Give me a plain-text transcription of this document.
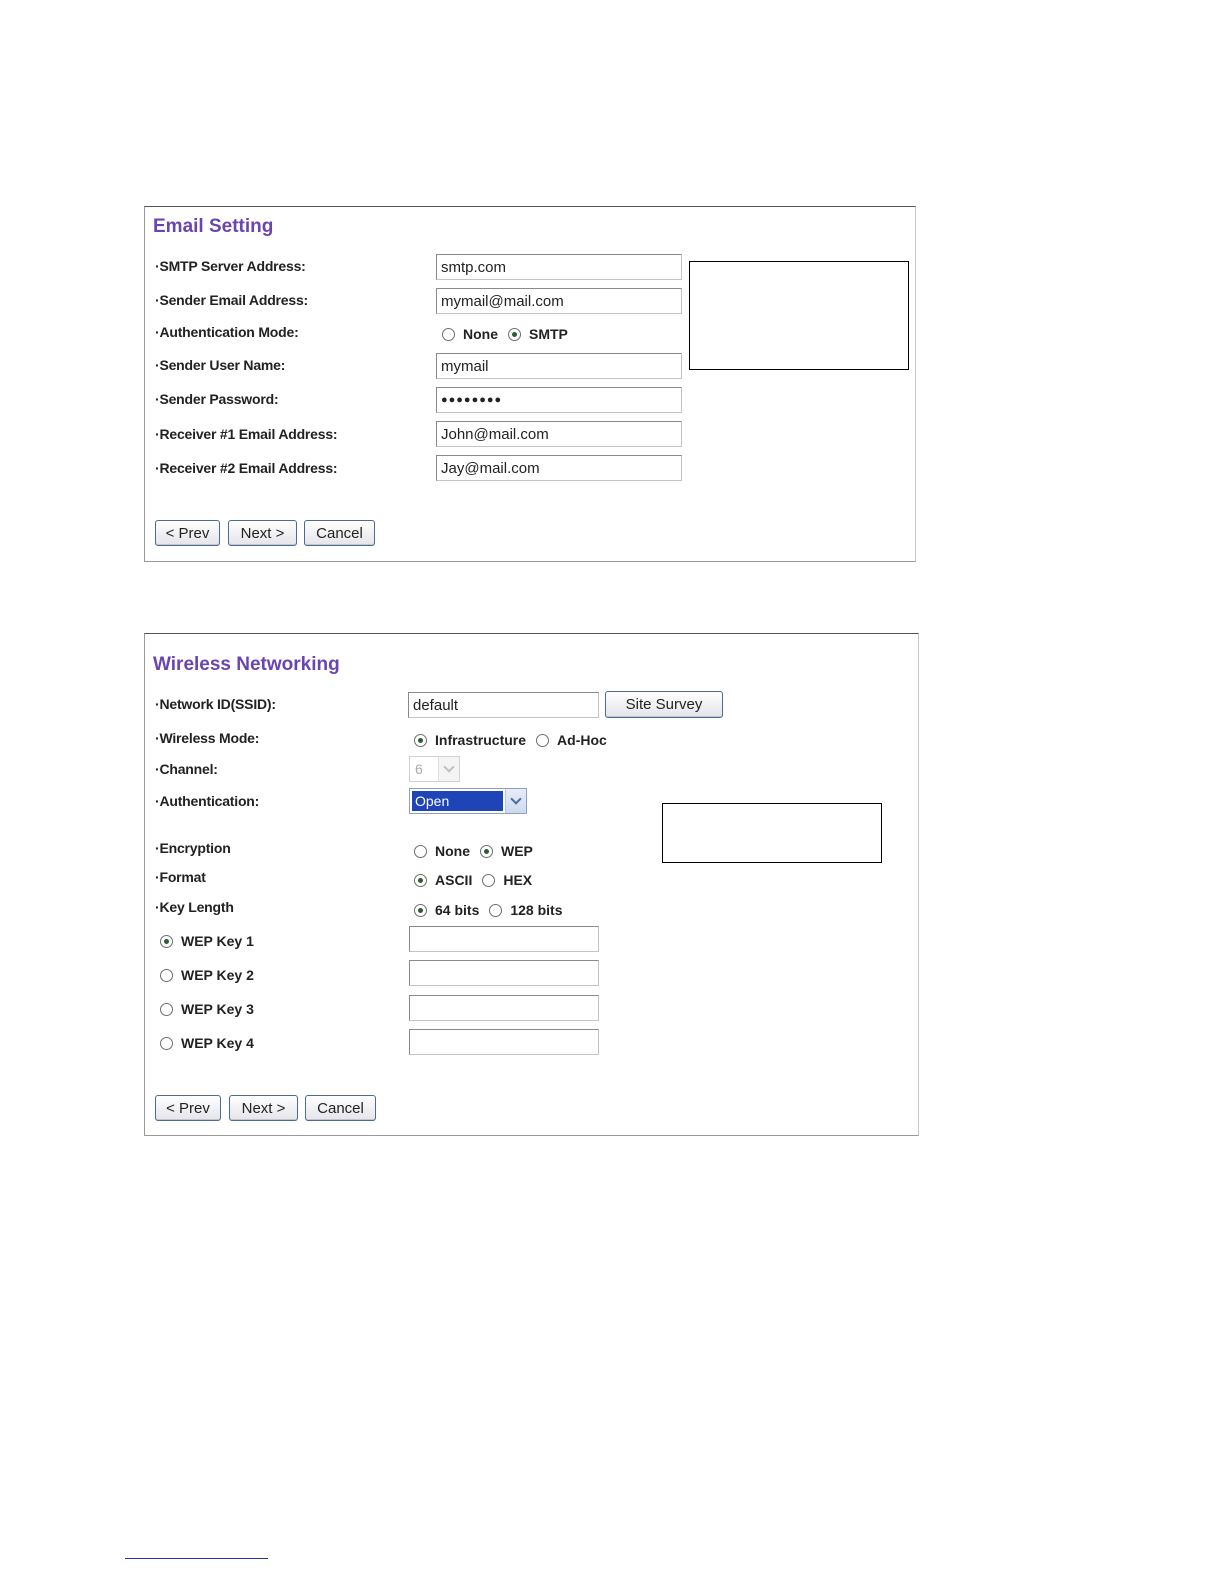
Email Setting
·SMTP Server Address:
smtp.com
·Sender Email Address:
mymail@mail.com
·Authentication Mode:	None SMTP
·Sender User Name:
mymail
·Sender Password:	●●●●●●●●
·Receiver #1 Email Address:
John@mail.com
·Receiver #2 Email Address:
Jay@mail.com
< Prev	Next >	Cancel
Wireless Networking
·Network ID(SSID):
default	Site Survey
·Wireless Mode:	Infrastructure Ad-Hoc
·Channel:	6
·Authentication:	Open
·Encryption	None WEP
·Format	ASCII HEX
·Key Length	64 bits 128 bits
WEP Key 1
WEP Key 2
WEP Key 3
WEP Key 4
< Prev	Next >	Cancel
